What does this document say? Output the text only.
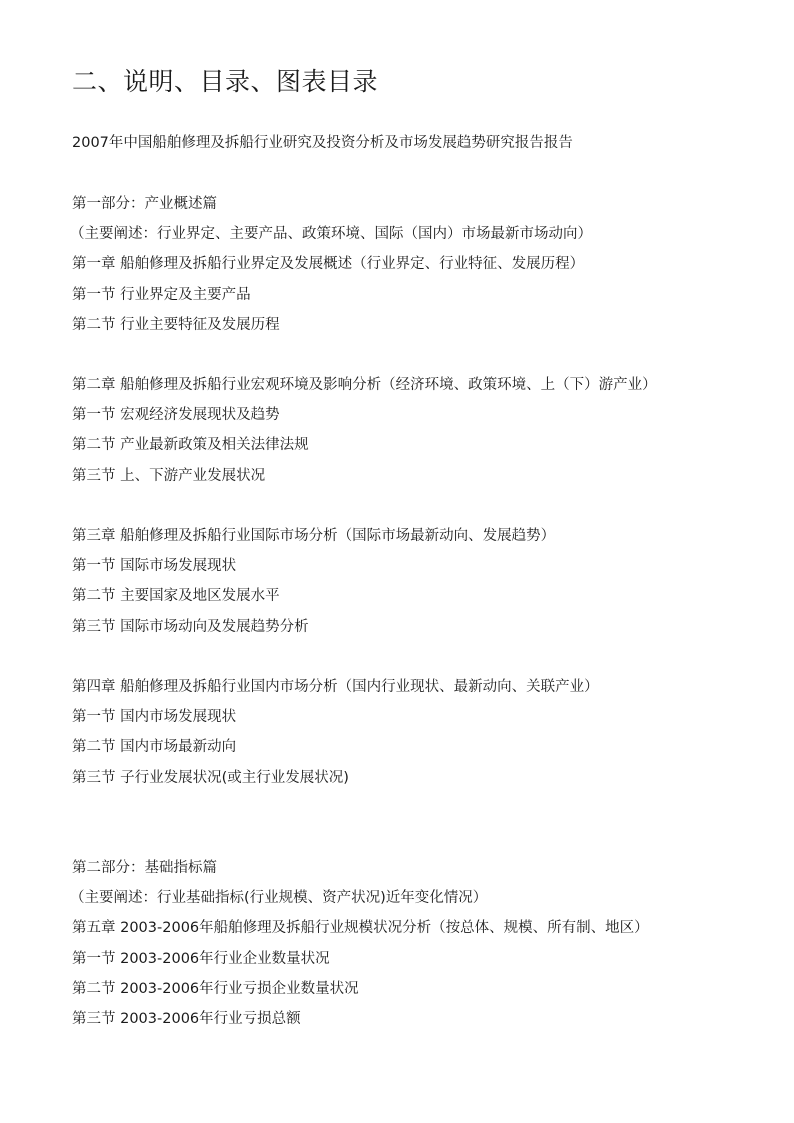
二、说明、目录、图表目录
2007年中国船舶修理及拆船行业研究及投资分析及市场发展趋势研究报告报告
第一部分：产业概述篇
（主要阐述：行业界定、主要产品、政策环境、国际（国内）市场最新市场动向）
第一章 船舶修理及拆船行业界定及发展概述（行业界定、行业特征、发展历程）
第一节 行业界定及主要产品
第二节 行业主要特征及发展历程
第二章 船舶修理及拆船行业宏观环境及影响分析（经济环境、政策环境、上（下）游产业）
第一节 宏观经济发展现状及趋势
第二节 产业最新政策及相关法律法规
第三节 上、下游产业发展状况
第三章 船舶修理及拆船行业国际市场分析（国际市场最新动向、发展趋势）
第一节 国际市场发展现状
第二节 主要国家及地区发展水平
第三节 国际市场动向及发展趋势分析
第四章 船舶修理及拆船行业国内市场分析（国内行业现状、最新动向、关联产业）
第一节 国内市场发展现状
第二节 国内市场最新动向
第三节 子行业发展状况(或主行业发展状况)
第二部分：基础指标篇
（主要阐述：行业基础指标(行业规模、资产状况)近年变化情况）
第五章 2003-2006年船舶修理及拆船行业规模状况分析（按总体、规模、所有制、地区）
第一节 2003-2006年行业企业数量状况
第二节 2003-2006年行业亏损企业数量状况
第三节 2003-2006年行业亏损总额
